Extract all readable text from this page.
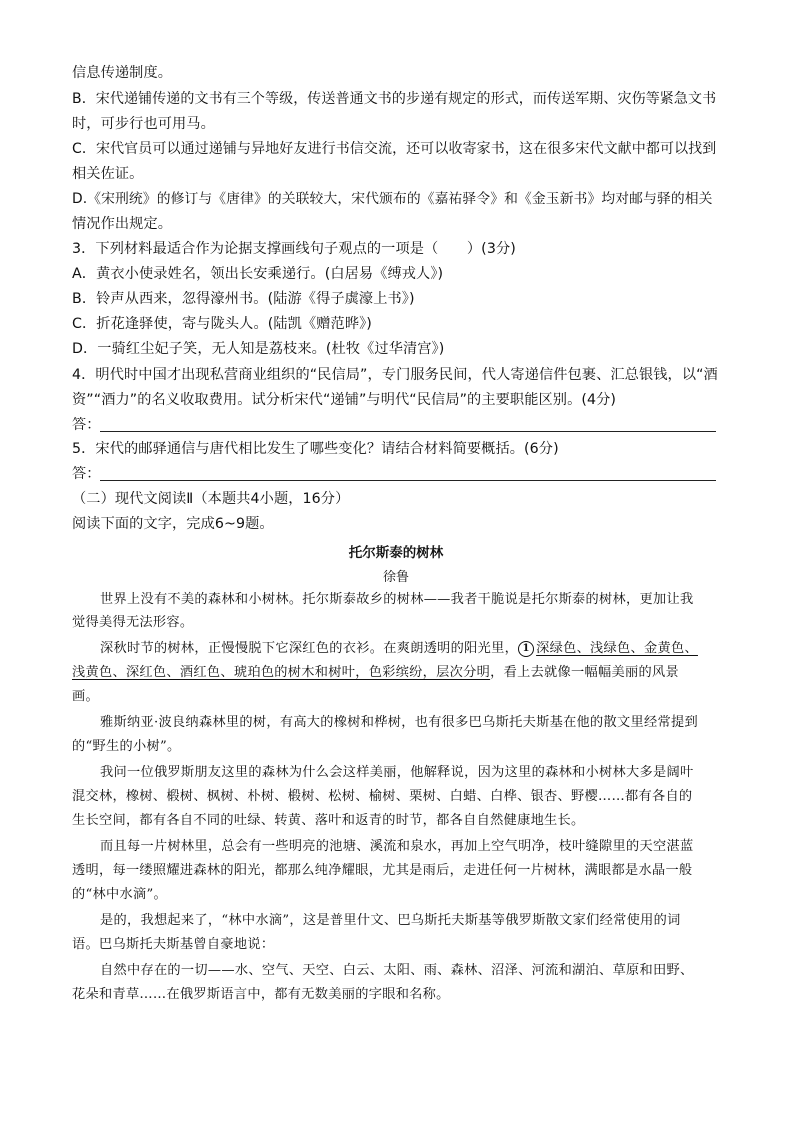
信息传递制度。
B．宋代递铺传递的文书有三个等级，传送普通文书的步递有规定的形式，而传送军期、灾伤等紧急文书
时，可步行也可用马。
C．宋代官员可以通过递铺与异地好友进行书信交流，还可以收寄家书，这在很多宋代文献中都可以找到
相关佐证。
D.《宋刑统》的修订与《唐律》的关联较大，宋代颁布的《嘉祐驿令》和《金玉新书》均对邮与驿的相关
情况作出规定。
3．下列材料最适合作为论据支撑画线句子观点的一项是（　　）(3分)
A．黄衣小使录姓名，领出长安乘递行。(白居易《缚戎人》)
B．铃声从西来，忽得濠州书。(陆游《得子虡濠上书》)
C．折花逢驿使，寄与陇头人。(陆凯《赠范晔》)
D．一骑红尘妃子笑，无人知是荔枝来。(杜牧《过华清宫》)
4．明代时中国才出现私营商业组织的“民信局”，专门服务民间，代人寄递信件包裹、汇总银钱，以“酒
资”“酒力”的名义收取费用。试分析宋代“递铺”与明代“民信局”的主要职能区别。(4分)
答：
5．宋代的邮驿通信与唐代相比发生了哪些变化？请结合材料简要概括。(6分)
答：
（二）现代文阅读Ⅱ（本题共4小题，16分）
阅读下面的文字，完成6~9题。
托尔斯泰的树林
徐鲁
世界上没有不美的森林和小树林。托尔斯泰故乡的树林——我者干脆说是托尔斯泰的树林，更加让我
觉得美得无法形容。
深秋时节的树林，正慢慢脱下它深红色的衣衫。在爽朗透明的阳光里， 1 深绿色、浅绿色、金黄色、
浅黄色、深红色、酒红色、琥珀色的树木和树叶，色彩缤纷，层次分明，看上去就像一幅幅美丽的风景
画。
雅斯纳亚·波良纳森林里的树，有高大的橡树和桦树，也有很多巴乌斯托夫斯基在他的散文里经常提到
的“野生的小树”。
我问一位俄罗斯朋友这里的森林为什么会这样美丽，他解释说，因为这里的森林和小树林大多是阔叶
混交林，橡树、椴树、枫树、朴树、椴树、松树、榆树、栗树、白蜡、白桦、银杏、野樱……都有各自的
生长空间，都有各自不同的吐绿、转黄、落叶和返青的时节，都各自自然健康地生长。
而且每一片树林里，总会有一些明亮的池塘、溪流和泉水，再加上空气明净，枝叶缝隙里的天空湛蓝
透明，每一缕照耀进森林的阳光，都那么纯净耀眼，尤其是雨后，走进任何一片树林，满眼都是水晶一般
的“林中水滴”。
是的，我想起来了，“林中水滴”，这是普里什文、巴乌斯托夫斯基等俄罗斯散文家们经常使用的词
语。巴乌斯托夫斯基曾自豪地说：
自然中存在的一切——水、空气、天空、白云、太阳、雨、森林、沼泽、河流和湖泊、草原和田野、
花朵和青草……在俄罗斯语言中，都有无数美丽的字眼和名称。
